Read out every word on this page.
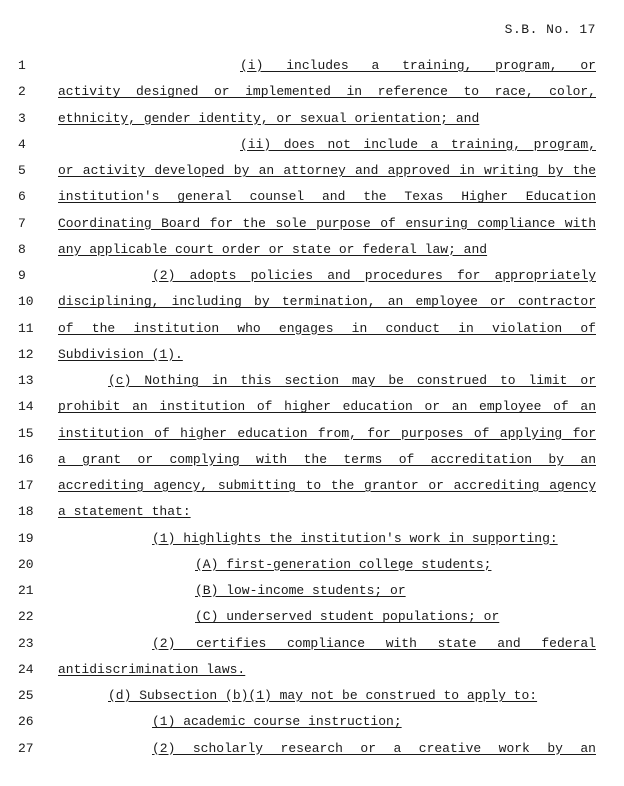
S.B. No. 17
1	(i) includes a training, program, or
2	activity designed or implemented in reference to race, color,
3	ethnicity, gender identity, or sexual orientation; and
4	(ii) does not include a training, program,
5	or activity developed by an attorney and approved in writing by the
6	institution's general counsel and the Texas Higher Education
7	Coordinating Board for the sole purpose of ensuring compliance with
8	any applicable court order or state or federal law; and
9	(2) adopts policies and procedures for appropriately
10	disciplining, including by termination, an employee or contractor
11	of the institution who engages in conduct in violation of
12	Subdivision (1).
13	(c) Nothing in this section may be construed to limit or
14	prohibit an institution of higher education or an employee of an
15	institution of higher education from, for purposes of applying for
16	a grant or complying with the terms of accreditation by an
17	accrediting agency, submitting to the grantor or accrediting agency
18	a statement that:
19	(1) highlights the institution's work in supporting:
20	(A) first-generation college students;
21	(B) low-income students; or
22	(C) underserved student populations; or
23	(2) certifies compliance with state and federal
24	antidiscrimination laws.
25	(d) Subsection (b)(1) may not be construed to apply to:
26	(1) academic course instruction;
27	(2) scholarly research or a creative work by an
